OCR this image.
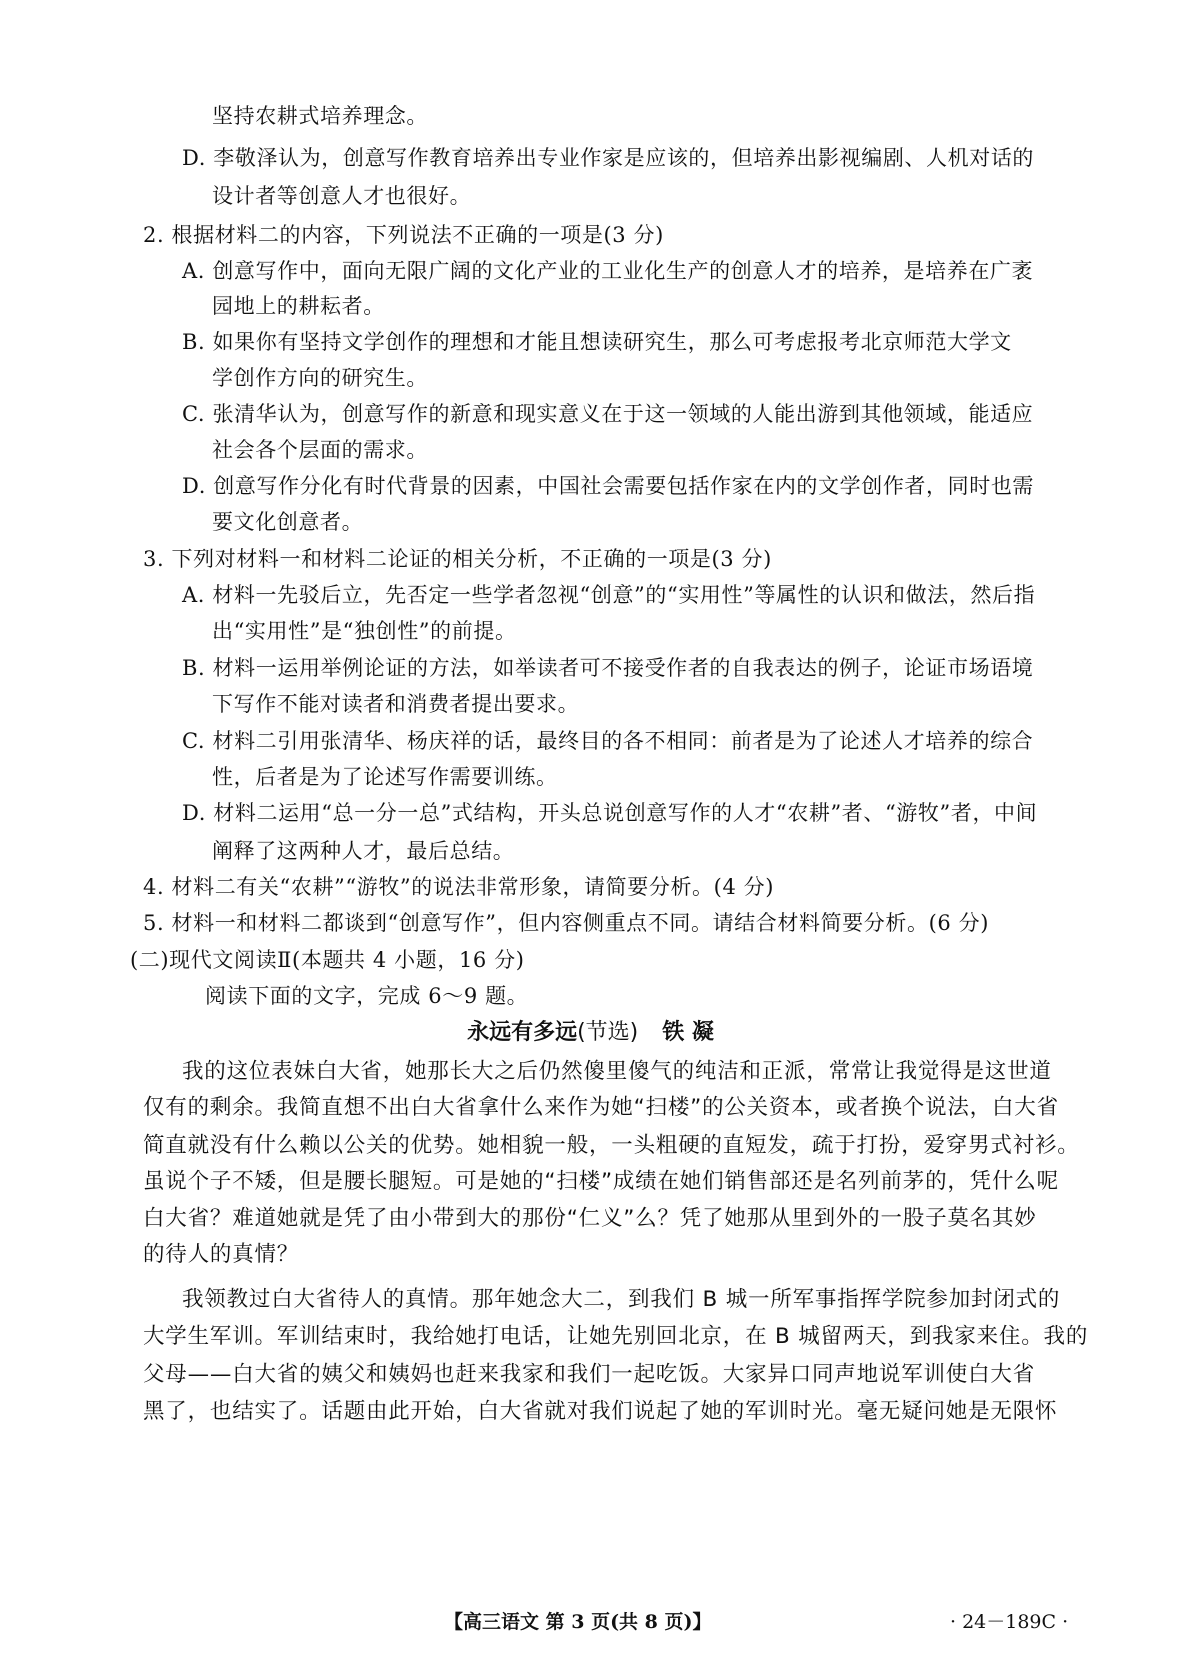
坚持农耕式培养理念。
D. 李敬泽认为，创意写作教育培养出专业作家是应该的，但培养出影视编剧、人机对话的
设计者等创意人才也很好。
2. 根据材料二的内容，下列说法不正确的一项是(3 分)
A. 创意写作中，面向无限广阔的文化产业的工业化生产的创意人才的培养，是培养在广袤
园地上的耕耘者。
B. 如果你有坚持文学创作的理想和才能且想读研究生，那么可考虑报考北京师范大学文
学创作方向的研究生。
C. 张清华认为，创意写作的新意和现实意义在于这一领域的人能出游到其他领域，能适应
社会各个层面的需求。
D. 创意写作分化有时代背景的因素，中国社会需要包括作家在内的文学创作者，同时也需
要文化创意者。
3. 下列对材料一和材料二论证的相关分析，不正确的一项是(3 分)
A. 材料一先驳后立，先否定一些学者忽视“创意”的“实用性”等属性的认识和做法，然后指
出“实用性”是“独创性”的前提。
B. 材料一运用举例论证的方法，如举读者可不接受作者的自我表达的例子，论证市场语境
下写作不能对读者和消费者提出要求。
C. 材料二引用张清华、杨庆祥的话，最终目的各不相同：前者是为了论述人才培养的综合
性，后者是为了论述写作需要训练。
D. 材料二运用“总一分一总”式结构，开头总说创意写作的人才“农耕”者、“游牧”者，中间
阐释了这两种人才，最后总结。
4. 材料二有关“农耕”“游牧”的说法非常形象，请简要分析。(4 分)
5. 材料一和材料二都谈到“创意写作”，但内容侧重点不同。请结合材料简要分析。(6 分)
(二)现代文阅读Ⅱ(本题共 4 小题，16 分)
阅读下面的文字，完成 6～9 题。
永远有多远(节选) 铁 凝
我的这位表妹白大省，她那长大之后仍然傻里傻气的纯洁和正派，常常让我觉得是这世道
仅有的剩余。我简直想不出白大省拿什么来作为她“扫楼”的公关资本，或者换个说法，白大省
简直就没有什么赖以公关的优势。她相貌一般，一头粗硬的直短发，疏于打扮，爱穿男式衬衫。
虽说个子不矮，但是腰长腿短。可是她的“扫楼”成绩在她们销售部还是名列前茅的，凭什么呢
白大省？难道她就是凭了由小带到大的那份“仁义”么？凭了她那从里到外的一股子莫名其妙
的待人的真情？
我领教过白大省待人的真情。那年她念大二，到我们 B 城一所军事指挥学院参加封闭式的
大学生军训。军训结束时，我给她打电话，让她先别回北京，在 B 城留两天，到我家来住。我的
父母——白大省的姨父和姨妈也赶来我家和我们一起吃饭。大家异口同声地说军训使白大省
黑了，也结实了。话题由此开始，白大省就对我们说起了她的军训时光。毫无疑问她是无限怀
【高三语文 第 3 页(共 8 页)】	· 24－189C ·
